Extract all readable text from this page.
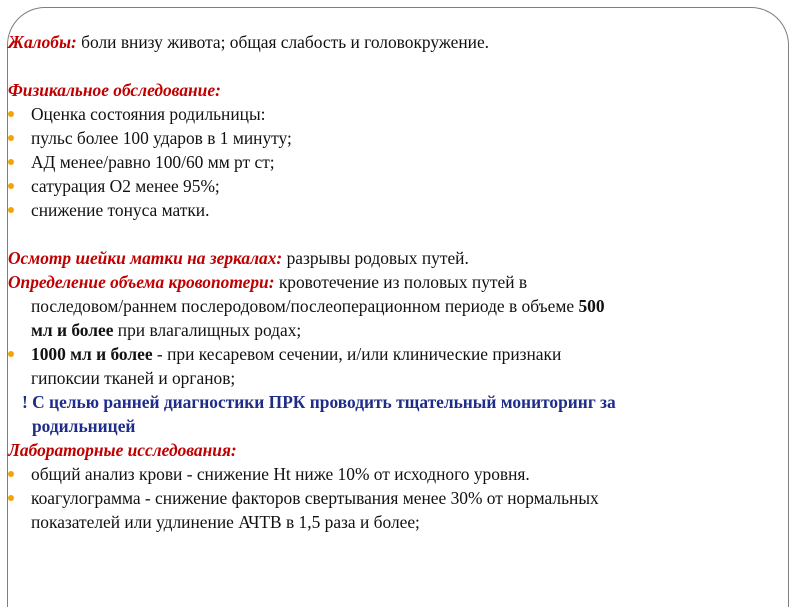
Жалобы: боли внизу живота; общая слабость и головокружение.

Физикальное обследование:

Оценка состояния родильницы:

пульс более 100 ударов в 1 минуту;

АД менее/равно 100/60 мм рт ст;

сатурация О2 менее 95%;

снижение тонуса матки.

Осмотр шейки матки на зеркалах: разрывы родовых путей.

Определение объема кровопотери: кровотечение из половых путей в

последовом/раннем послеродовом/послеоперационном периоде в объеме 500

мл и более при влагалищных родах;

1000 мл и более - при кесаревом сечении, и/или клинические признаки

гипоксии тканей и органов;

! С целью ранней диагностики ПРК проводить тщательный мониторинг за

родильницей

Лабораторные исследования:

общий анализ крови - снижение Ht ниже 10% от исходного уровня.

коагулограмма - снижение факторов свертывания менее 30% от нормальных

показателей или удлинение АЧТВ в 1,5 раза и более;
